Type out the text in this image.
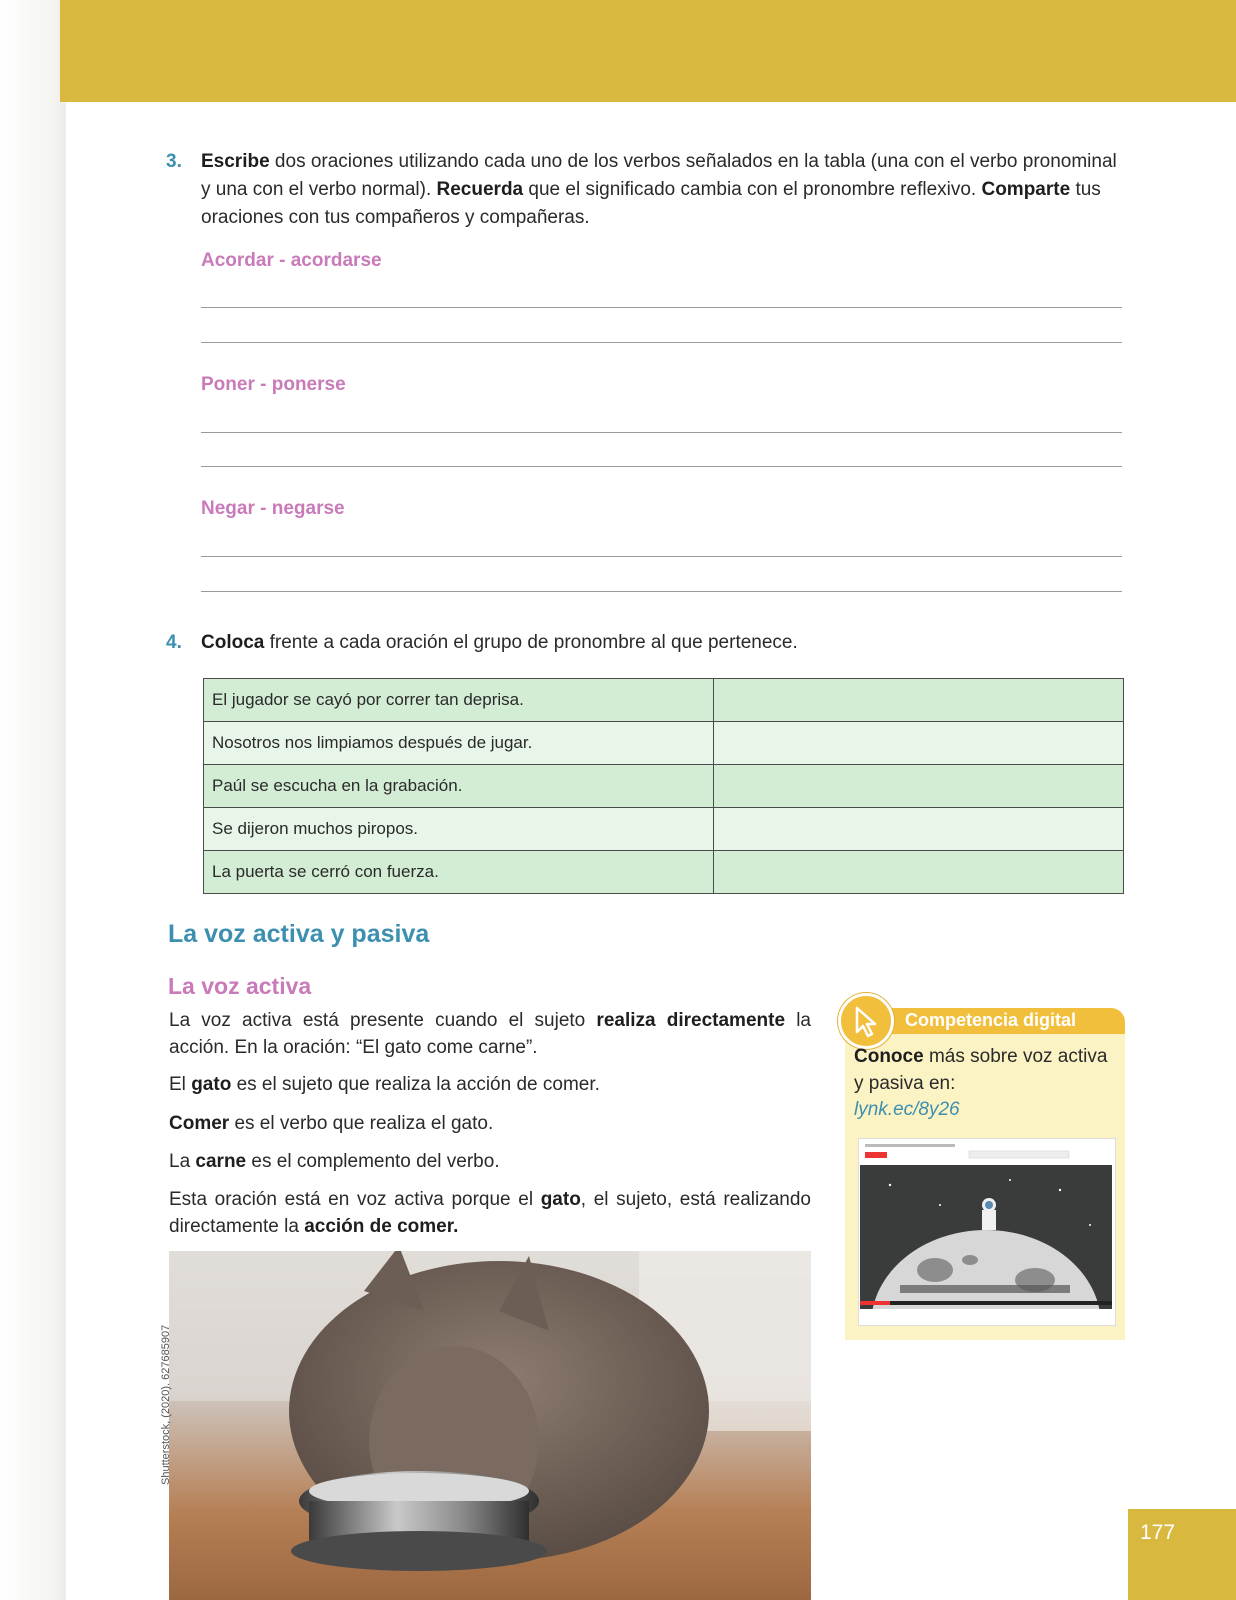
3. Escribe dos oraciones utilizando cada uno de los verbos señalados en la tabla (una con el verbo pronominal y una con el verbo normal). Recuerda que el significado cambia con el pronombre reflexivo. Comparte tus oraciones con tus compañeros y compañeras.
Acordar - acordarse
Poner - ponerse
Negar - negarse
4. Coloca frente a cada oración el grupo de pronombre al que pertenece.
El jugador se cayó por correr tan deprisa.	
Nosotros nos limpiamos después de jugar.	
Paúl se escucha en la grabación.	
Se dijeron muchos piropos.	
La puerta se cerró con fuerza.	
La voz activa y pasiva
La voz activa
La voz activa está presente cuando el sujeto realiza directamente la acción. En la oración: “El gato come carne”.
El gato es el sujeto que realiza la acción de comer.
Comer es el verbo que realiza el gato.
La carne es el complemento del verbo.
Esta oración está en voz activa porque el gato, el sujeto, está realizando directamente la acción de comer.
Shutterstock, (2020). 627685907
Competencia digital
Conoce más sobre voz activa y pasiva en:
lynk.ec/8y26
177
